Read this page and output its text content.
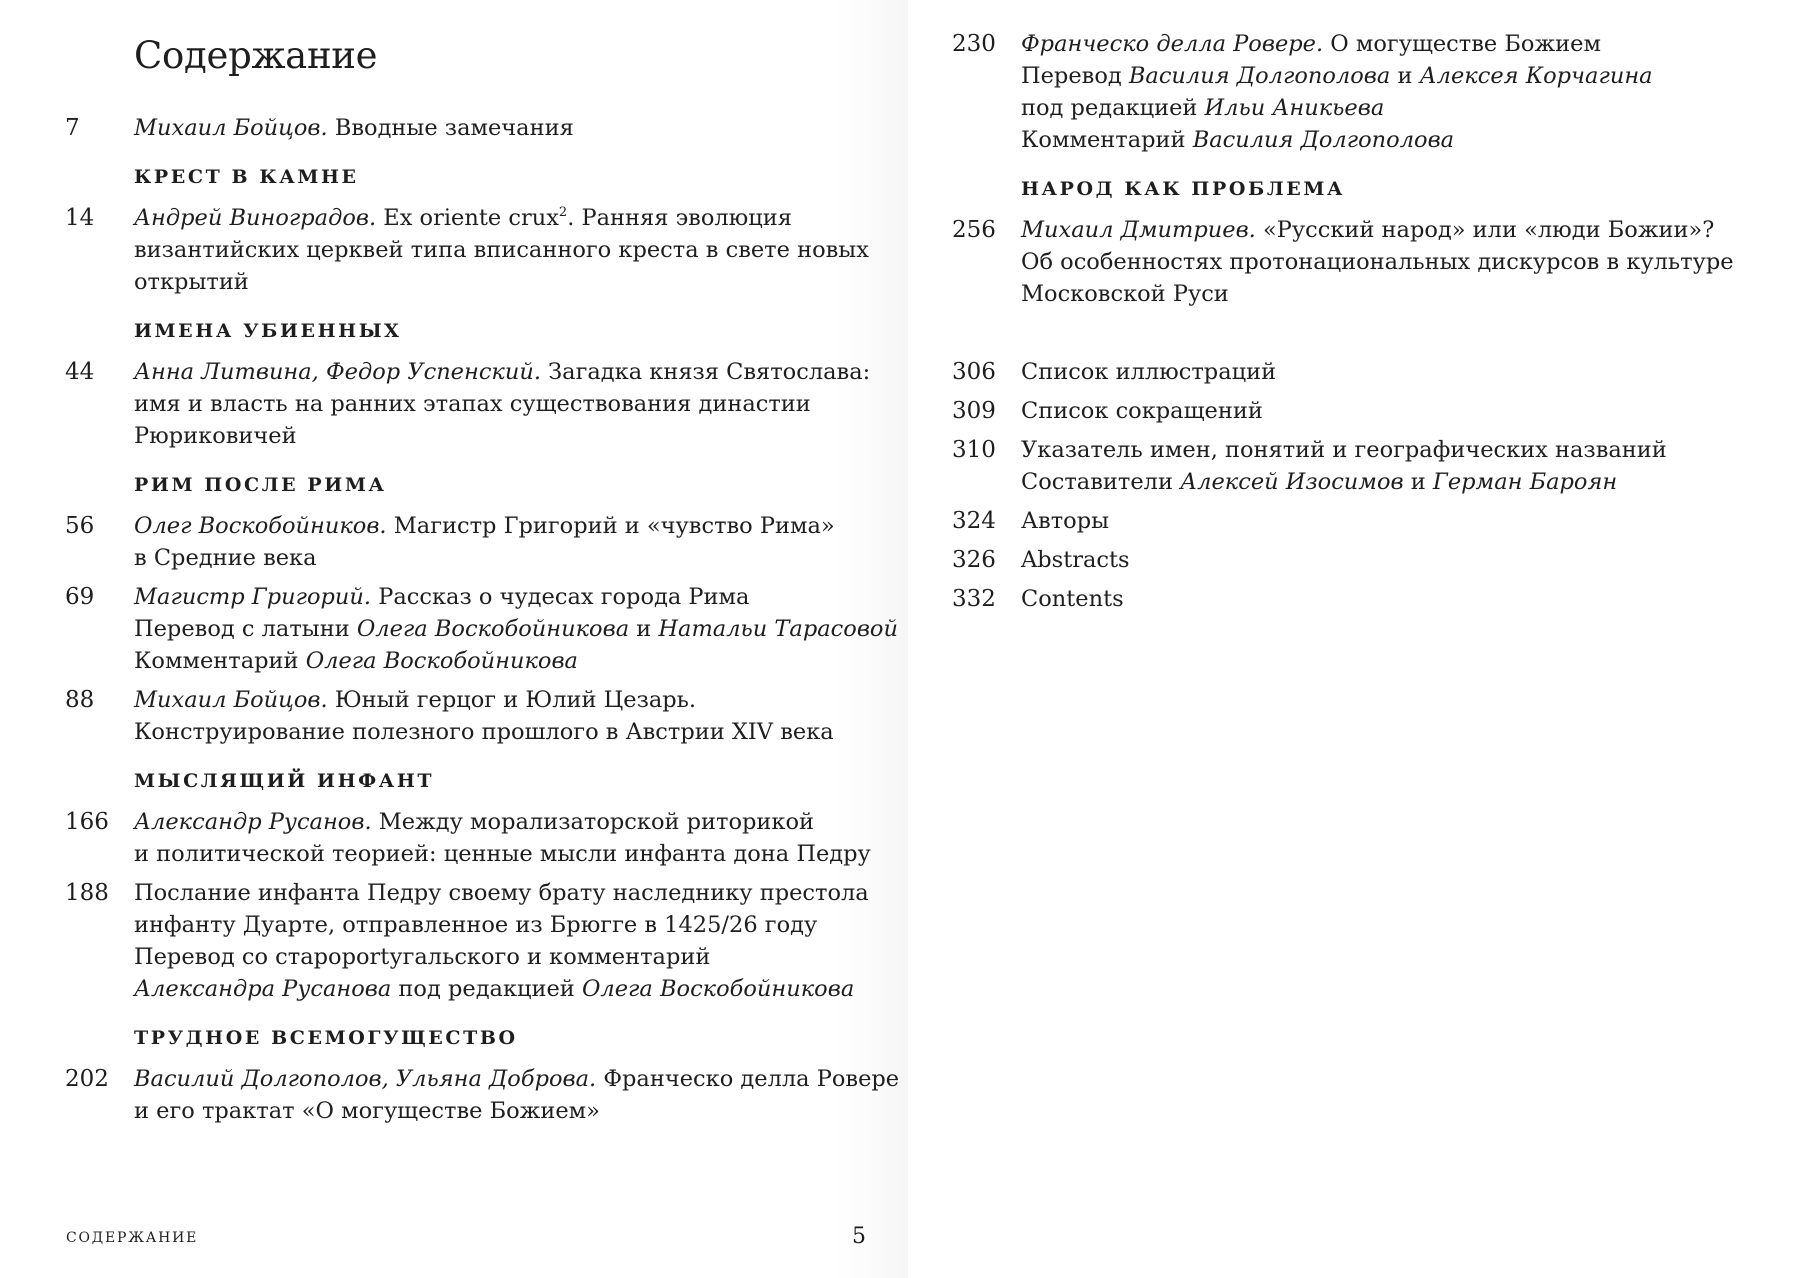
Содержание
7	Михаил Бойцов. Вводные замечания
КРЕСТ В КАМНЕ
14	Андрей Виноградов. Ex oriente crux$^2$. Ранняя эволюция
византийских церквей типа вписанного креста в свете новых
открытий
ИМЕНА УБИЕННЫХ
44	Анна Литвина, Федор Успенский. Загадка князя Святослава:
имя и власть на ранних этапах существования династии
Рюриковичей
РИМ ПОСЛЕ РИМА
56	Олег Воскобойников. Магистр Григорий и «чувство Рима»
в Средние века
69	Магистр Григорий. Рассказ о чудесах города Рима
Перевод с латыни Олега Воскобойникова и Натальи Тарасовой
Комментарий Олега Воскобойникова
88	Михаил Бойцов. Юный герцог и Юлий Цезарь.
Конструирование полезного прошлого в Австрии XIV века
МЫСЛЯЩИЙ ИНФАНТ
166	Александр Русанов. Между морализаторской риторикой
и политической теорией: ценные мысли инфанта дона Педру
188	Послание инфанта Педру своему брату наследнику престола
инфанту Дуарте, отправленное из Брюгге в 1425/26 году
Перевод со староportугальского и комментарий
Александра Русанова под редакцией Олега Воскобойникова
ТРУДНОЕ ВСЕМОГУЩЕСТВО
202	Василий Долгополов, Ульяна Доброва. Франческо делла Ровере
и его трактат «О могуществе Божием»
230	Франческо делла Ровере. О могуществе Божием
Перевод Василия Долгополова и Алексея Корчагина
под редакцией Ильи Аникьева
Комментарий Василия Долгополова
НАРОД КАК ПРОБЛЕМА
256	Михаил Дмитриев. «Русский народ» или «люди Божии»?
Об особенностях протонациональных дискурсов в культуре
Московской Руси
306	Список иллюстраций
309	Список сокращений
310	Указатель имен, понятий и географических названий
Составители Алексей Изосимов и Герман Бароян
324	Авторы
326	Abstracts
332	Contents
СОДЕРЖАНИЕ	5
